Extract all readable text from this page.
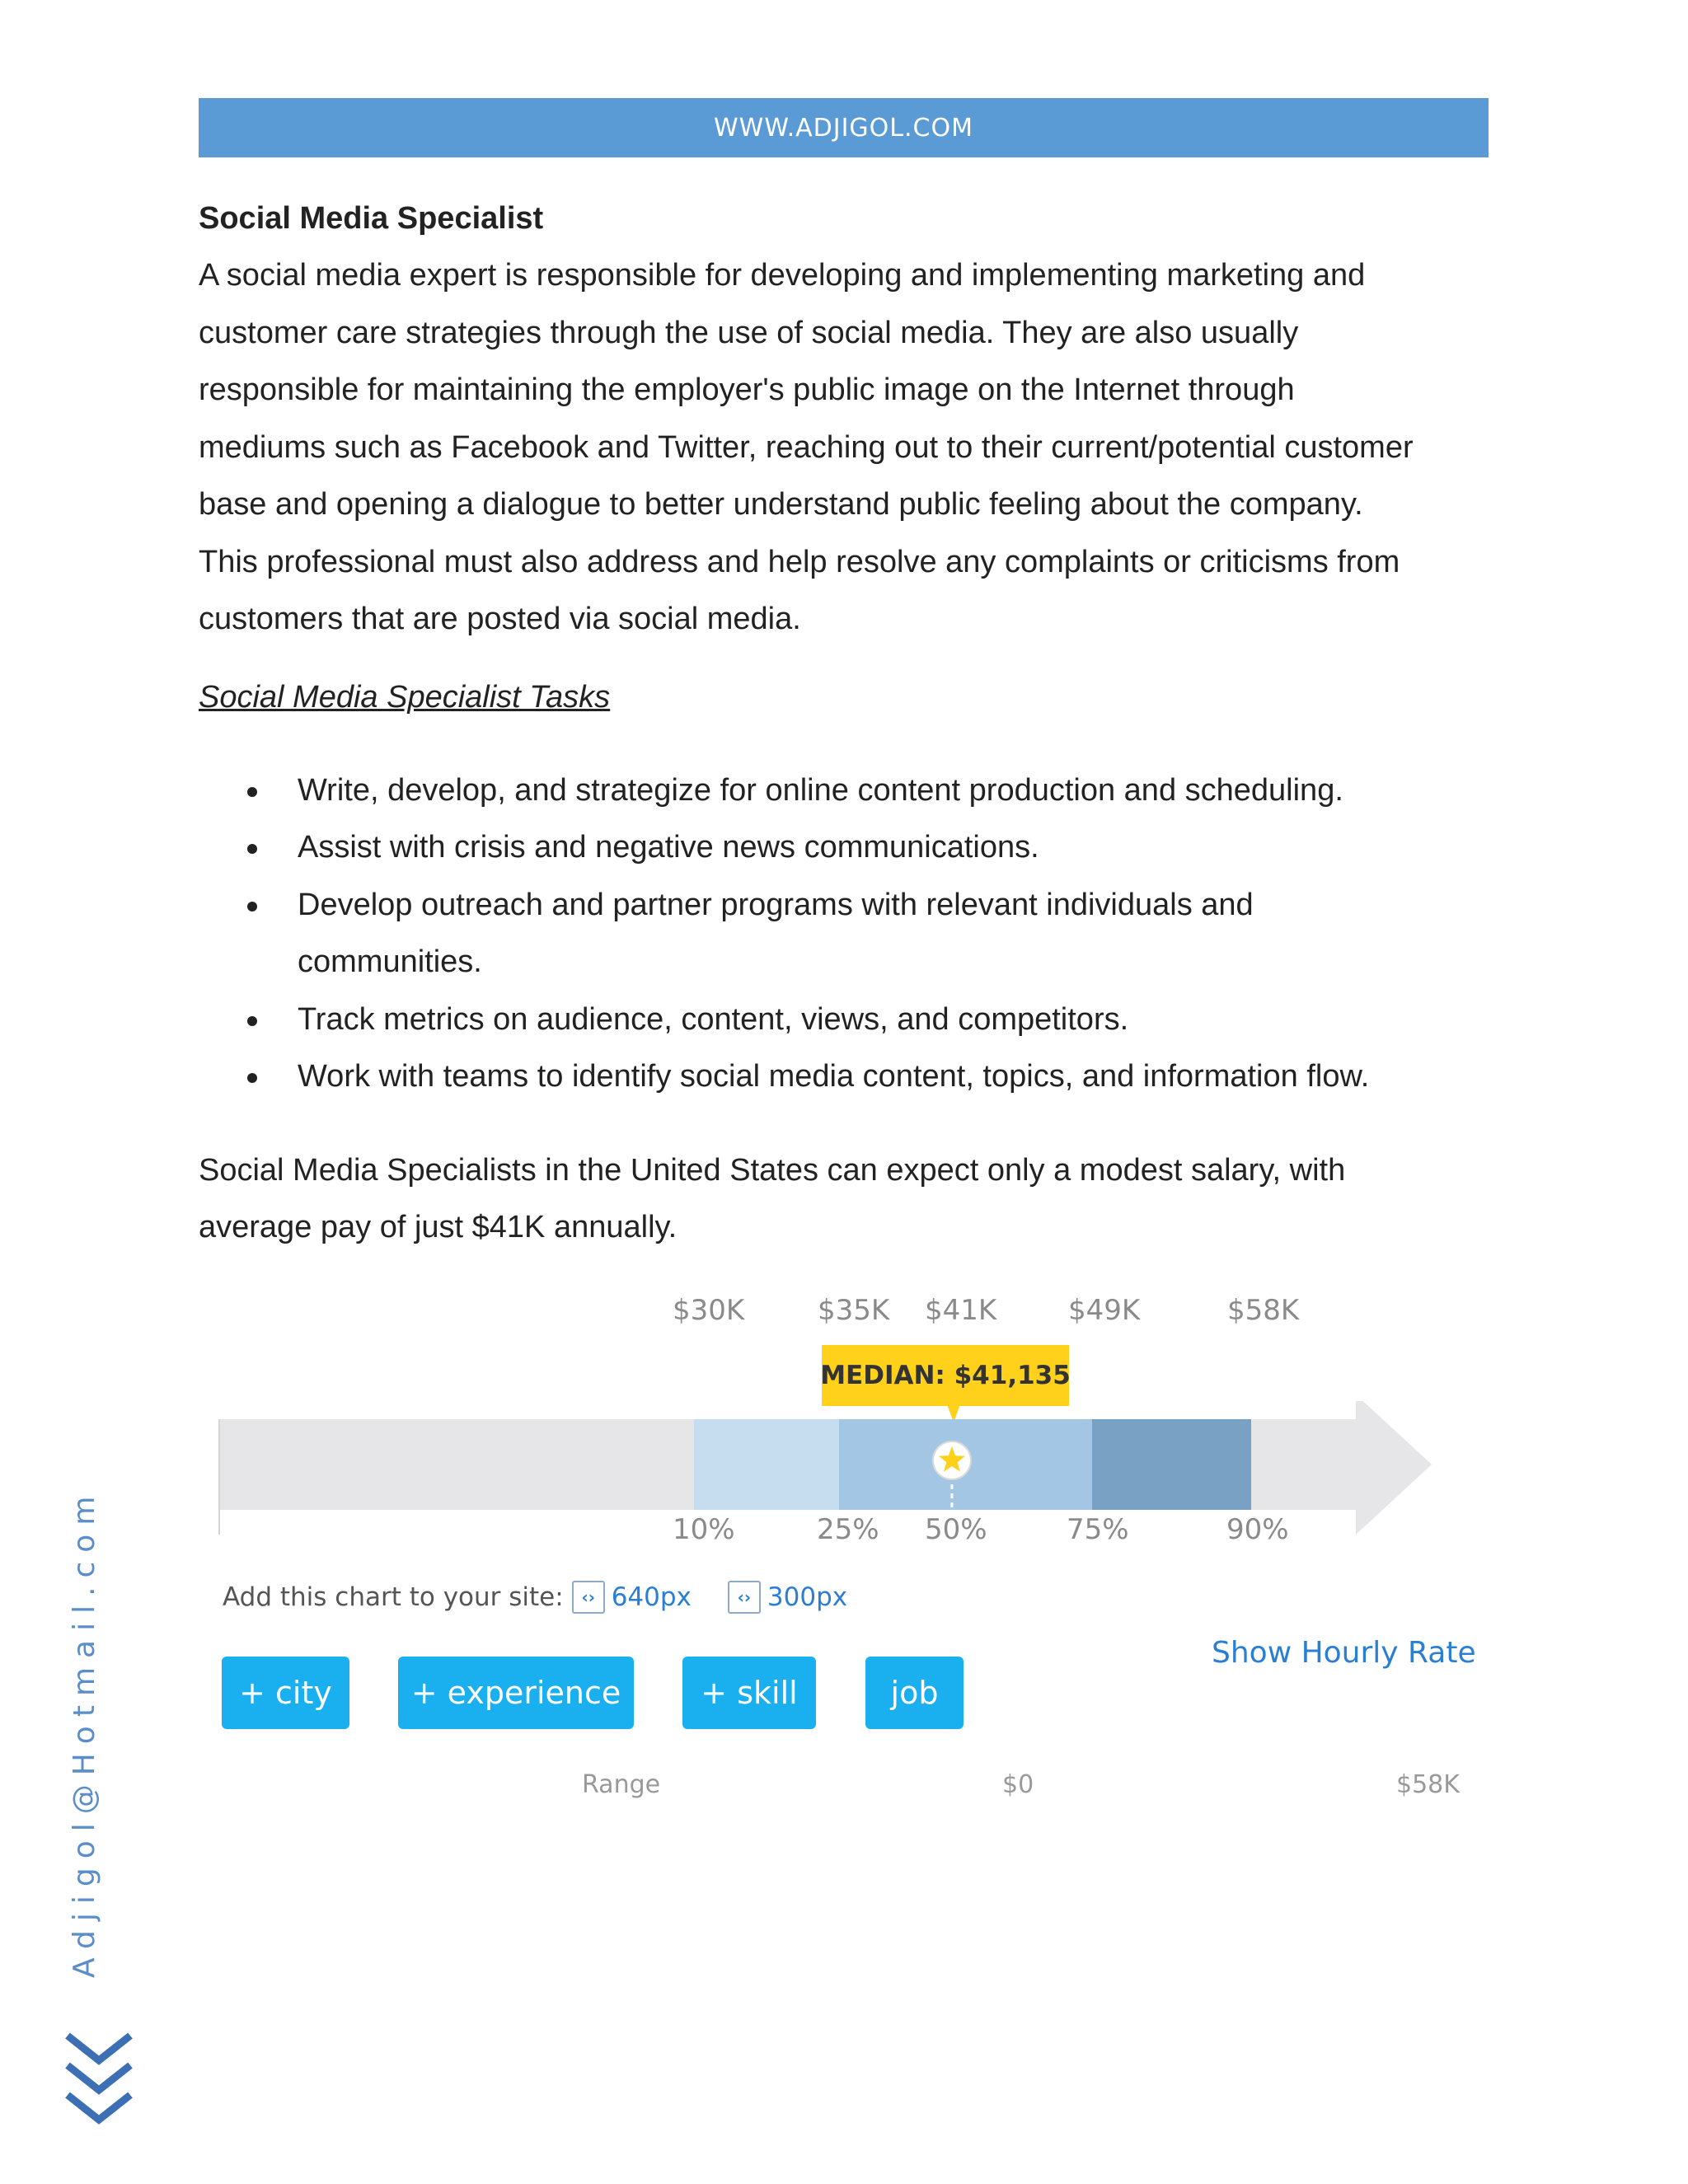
WWW.ADJIGOL.COM
Social Media Specialist
A social media expert is responsible for developing and implementing marketing and
customer care strategies through the use of social media. They are also usually
responsible for maintaining the employer's public image on the Internet through
mediums such as Facebook and Twitter, reaching out to their current/potential customer
base and opening a dialogue to better understand public feeling about the company.
This professional must also address and help resolve any complaints or criticisms from
customers that are posted via social media.
Social Media Specialist Tasks
Write, develop, and strategize for online content production and scheduling.
Assist with crisis and negative news communications.
Develop outreach and partner programs with relevant individuals and
communities.
Track metrics on audience, content, views, and competitors.
Work with teams to identify social media content, topics, and information flow.
Social Media Specialists in the United States can expect only a modest salary, with
average pay of just $41K annually.
$30K	$35K $41K	$49K	$58K
MEDIAN: $41,135
10%	25% 50%	75%	90%
Add this chart to your site:	‹› 640px	‹› 300px
Show Hourly Rate
+ city	+ experience	+ skill	job
Range	$0	$58K
Adjigol@Hotmail.com
